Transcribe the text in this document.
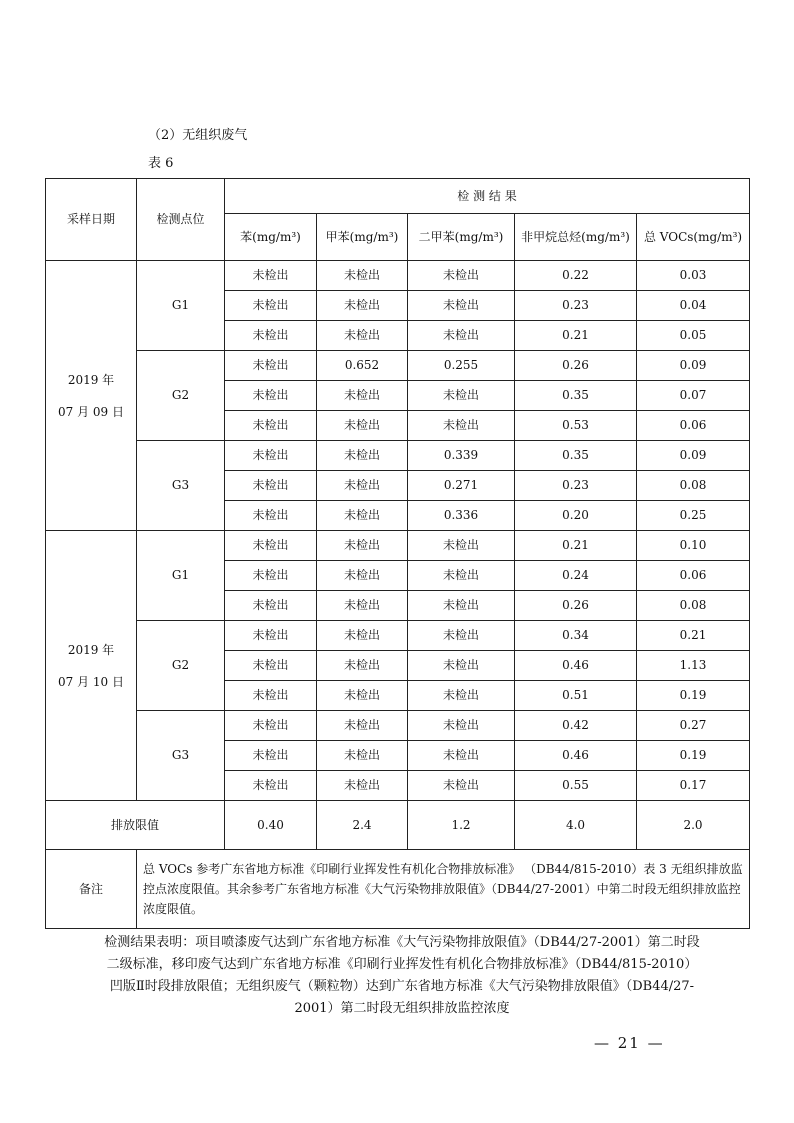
（2）无组织废气
表 6
采样日期	检测点位	检 测 结 果				
		苯(mg/m³)	甲苯(mg/m³)	二甲苯(mg/m³)	非甲烷总烃(mg/m³)	总 VOCs(mg/m³)

2019 年
07 月 09 日	G1	未检出	未检出	未检出	0.22	0.03
		未检出	未检出	未检出	0.23	0.04
		未检出	未检出	未检出	0.21	0.05
	G2	未检出	0.652	0.255	0.26	0.09
		未检出	未检出	未检出	0.35	0.07
		未检出	未检出	未检出	0.53	0.06
	G3	未检出	未检出	0.339	0.35	0.09
		未检出	未检出	0.271	0.23	0.08
		未检出	未检出	0.336	0.20	0.25

2019 年
07 月 10 日	G1	未检出	未检出	未检出	0.21	0.10
		未检出	未检出	未检出	0.24	0.06
		未检出	未检出	未检出	0.26	0.08
	G2	未检出	未检出	未检出	0.34	0.21
		未检出	未检出	未检出	0.46	1.13
		未检出	未检出	未检出	0.51	0.19
	G3	未检出	未检出	未检出	0.42	0.27
		未检出	未检出	未检出	0.46	0.19
		未检出	未检出	未检出	0.55	0.17
排放限值		0.40	2.4	1.2	4.0	2.0
备注	总 VOCs 参考广东省地方标准《印刷行业挥发性有机化合物排放标准》 （DB44/815-2010）表 3 无组织排放监控点浓度限值。其余参考广东省地方标准《大气污染物排放限值》（DB44/27-2001）中第二时段无组织排放监控浓度限值。					
检测结果表明：项目喷漆废气达到广东省地方标准《大气污染物排放限值》（DB44/27-2001）第二时段二级标准，移印废气达到广东省地方标准《印刷行业挥发性有机化合物排放标准》（DB44/815-2010）凹版Ⅱ时段排放限值；无组织废气（颗粒物）达到广东省地方标准《大气污染物排放限值》（DB44/27-2001）第二时段无组织排放监控浓度
— 21 —
